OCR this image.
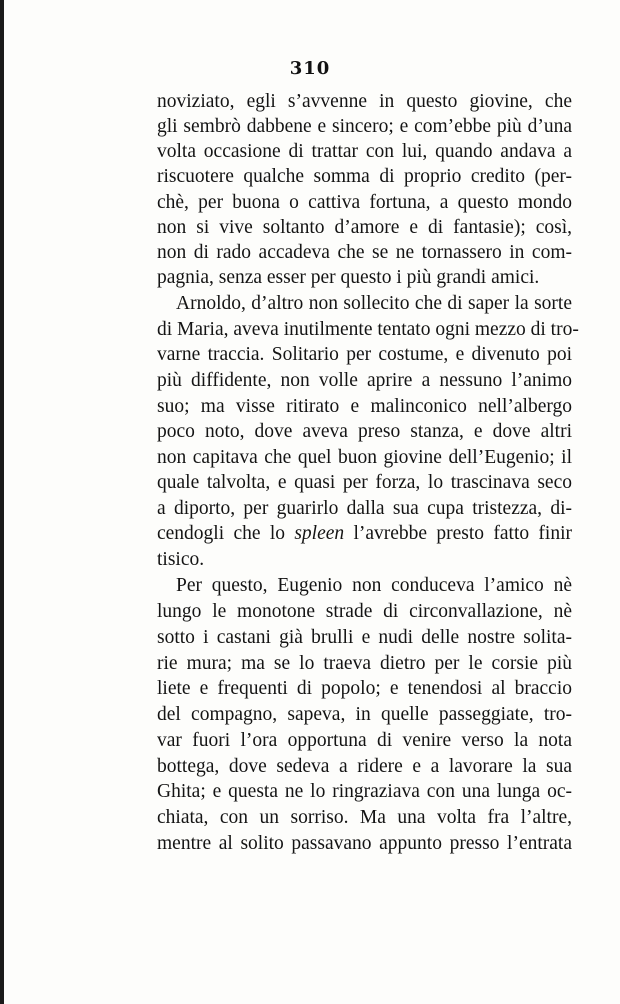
310
noviziato, egli s’avvenne in questo giovine, che
gli sembrò dabbene e sincero; e com’ebbe più d’una
volta occasione di trattar con lui, quando andava a
riscuotere qualche somma di proprio credito (per-
chè, per buona o cattiva fortuna, a questo mondo
non si vive soltanto d’amore e di fantasie); così,
non di rado accadeva che se ne tornassero in com-
pagnia, senza esser per questo i più grandi amici.
Arnoldo, d’altro non sollecito che di saper la sorte
di Maria, aveva inutilmente tentato ogni mezzo di tro-
varne traccia. Solitario per costume, e divenuto poi
più diffidente, non volle aprire a nessuno l’animo
suo; ma visse ritirato e malinconico nell’albergo
poco noto, dove aveva preso stanza, e dove altri
non capitava che quel buon giovine dell’Eugenio; il
quale talvolta, e quasi per forza, lo trascinava seco
a diporto, per guarirlo dalla sua cupa tristezza, di-
cendogli che lo spleen l’avrebbe presto fatto finir
tisico.
Per questo, Eugenio non conduceva l’amico nè
lungo le monotone strade di circonvallazione, nè
sotto i castani già brulli e nudi delle nostre solita-
rie mura; ma se lo traeva dietro per le corsie più
liete e frequenti di popolo; e tenendosi al braccio
del compagno, sapeva, in quelle passeggiate, tro-
var fuori l’ora opportuna di venire verso la nota
bottega, dove sedeva a ridere e a lavorare la sua
Ghita; e questa ne lo ringraziava con una lunga oc-
chiata, con un sorriso. Ma una volta fra l’altre,
mentre al solito passavano appunto presso l’entrata
